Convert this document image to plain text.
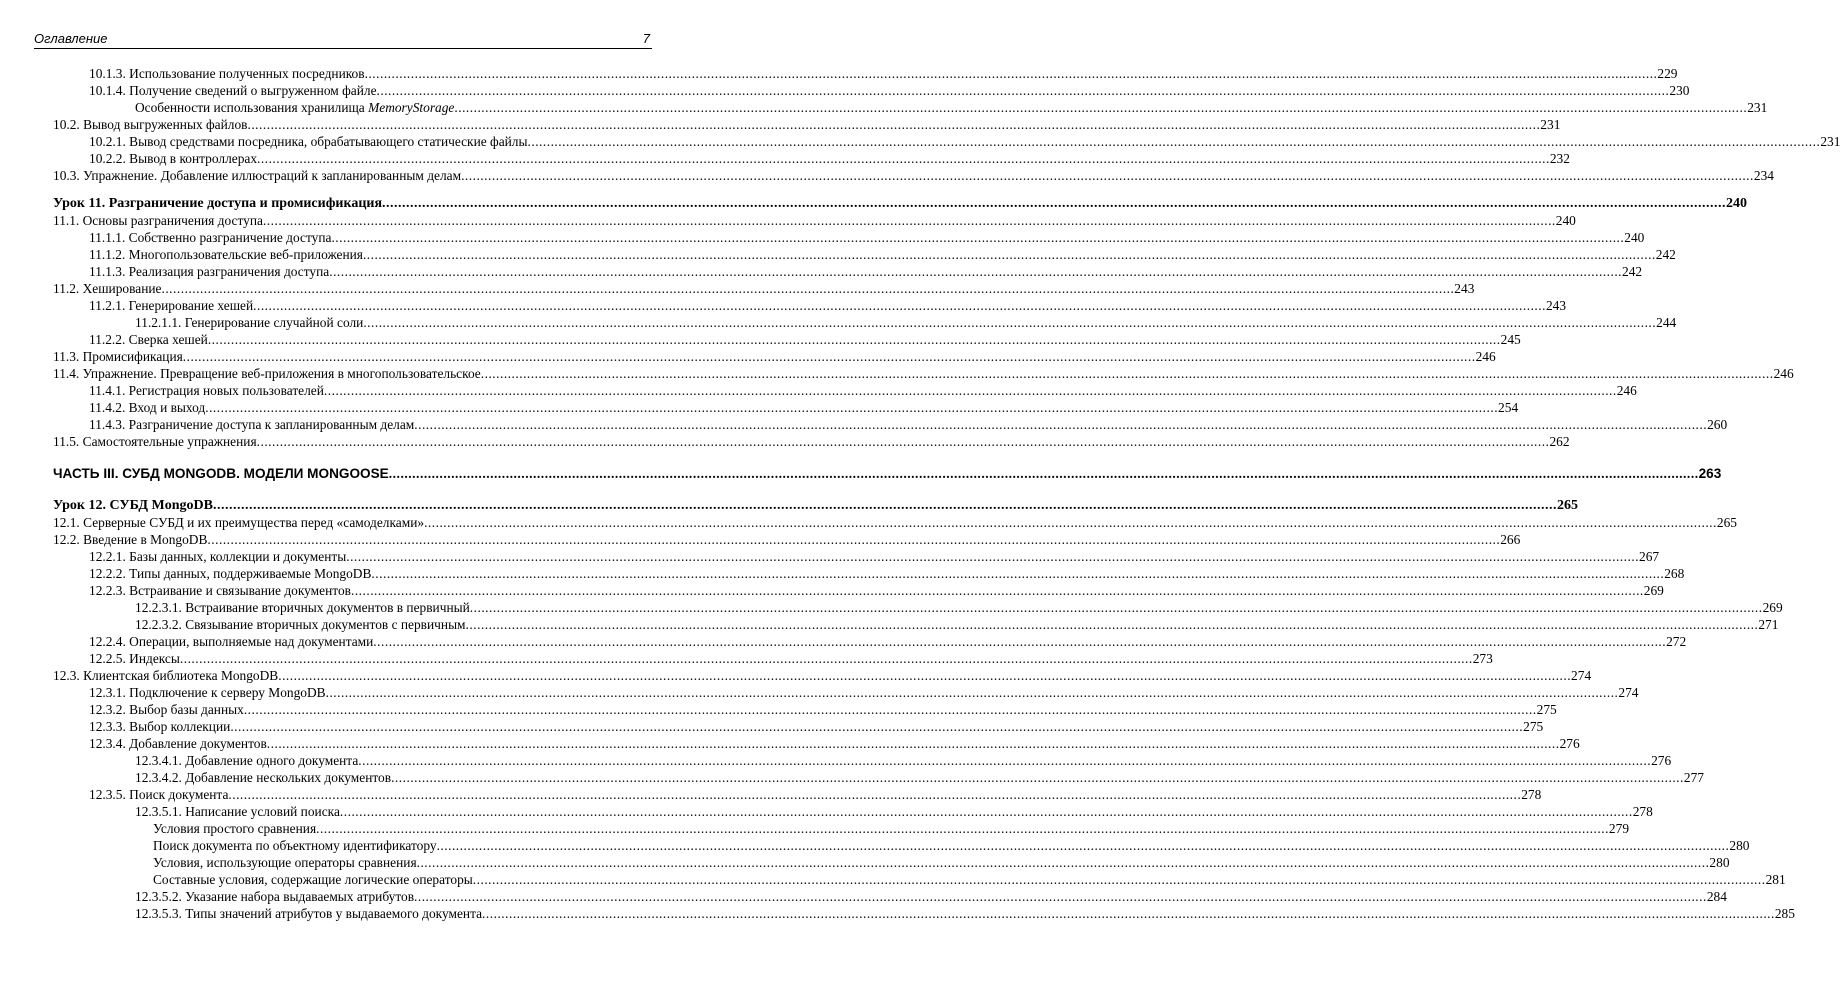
Оглавление	7
10.1.3. Использование полученных посредников .....	229
10.1.4. Получение сведений о выгруженном файле .....	230
Особенности использования хранилища MemoryStorage .....	231
10.2. Вывод выгруженных файлов .....	231
10.2.1. Вывод средствами посредника, обрабатывающего статические файлы .....	231
10.2.2. Вывод в контроллерах .....	232
10.3. Упражнение. Добавление иллюстраций к запланированным делам .....	234
Урок 11. Разграничение доступа и промисификация .....	240
11.1. Основы разграничения доступа .....	240
11.1.1. Собственно разграничение доступа .....	240
11.1.2. Многопользовательские веб-приложения .....	242
11.1.3. Реализация разграничения доступа .....	242
11.2. Хеширование .....	243
11.2.1. Генерирование хешей .....	243
11.2.1.1. Генерирование случайной соли .....	244
11.2.2. Сверка хешей .....	245
11.3. Промисификация .....	246
11.4. Упражнение. Превращение веб-приложения в многопользовательское .....	246
11.4.1. Регистрация новых пользователей .....	246
11.4.2. Вход и выход .....	254
11.4.3. Разграничение доступа к запланированным делам .....	260
11.5. Самостоятельные упражнения .....	262
ЧАСТЬ III. СУБД MONGODB. МОДЕЛИ MONGOOSE .....	263
Урок 12. СУБД MongoDB .....	265
12.1. Серверные СУБД и их преимущества перед «самоделками» .....	265
12.2. Введение в MongoDB .....	266
12.2.1. Базы данных, коллекции и документы .....	267
12.2.2. Типы данных, поддерживаемые MongoDB .....	268
12.2.3. Встраивание и связывание документов .....	269
12.2.3.1. Встраивание вторичных документов в первичный .....	269
12.2.3.2. Связывание вторичных документов с первичным .....	271
12.2.4. Операции, выполняемые над документами .....	272
12.2.5. Индексы .....	273
12.3. Клиентская библиотека MongoDB .....	274
12.3.1. Подключение к серверу MongoDB .....	274
12.3.2. Выбор базы данных .....	275
12.3.3. Выбор коллекции .....	275
12.3.4. Добавление документов .....	276
12.3.4.1. Добавление одного документа .....	276
12.3.4.2. Добавление нескольких документов .....	277
12.3.5. Поиск документа .....	278
12.3.5.1. Написание условий поиска .....	278
Условия простого сравнения .....	279
Поиск документа по объектному идентификатору .....	280
Условия, использующие операторы сравнения .....	280
Составные условия, содержащие логические операторы .....	281
12.3.5.2. Указание набора выдаваемых атрибутов .....	284
12.3.5.3. Типы значений атрибутов у выдаваемого документа .....	285
